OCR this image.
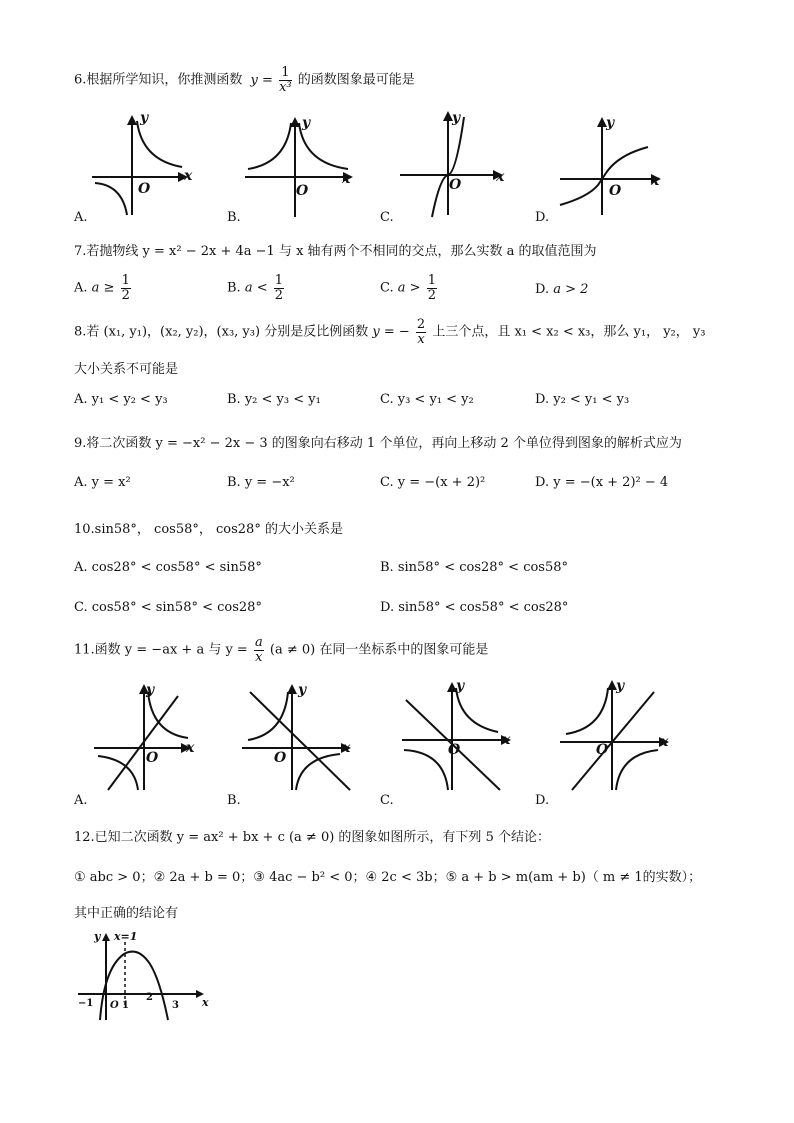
6.根据所学知识，你推测函数 $y = \frac{1}{\text{x³}}$ 的函数图象最可能是
y
x
O
y
x
O
y
x
O
y
x
O
A.	B.	C.	D.
7.若抛物线 y = x² − 2x + 4a −1 与 x 轴有两个不相同的交点，那么实数 a 的取值范围为
A. $a \ge \frac{1}{2}$	B. $a < \frac{1}{2}$	C. $a > \frac{1}{2}$	D. a > 2
8.若 (x₁, y₁)，(x₂, y₂)，(x₃, y₃) 分别是反比例函数 y = − $\frac{2}{x}$ 上三个点，且 x₁ < x₂ < x₃，那么 y₁， y₂， y₃
大小关系不可能是
A. y₁ < y₂ < y₃	B. y₂ < y₃ < y₁	C. y₃ < y₁ < y₂	D. y₂ < y₁ < y₃
9.将二次函数 y = −x² − 2x − 3 的图象向右移动 1 个单位，再向上移动 2 个单位得到图象的解析式应为
A. y = x²	B. y = −x²	C. y = −(x + 2)²	D. y = −(x + 2)² − 4
10.sin58°， cos58°， cos28° 的大小关系是
A. cos28° < cos58° < sin58°	B. sin58° < cos28° < cos58°
C. cos58° < sin58° < cos28°	D. sin58° < cos58° < cos28°
11.函数 y = −ax + a 与 $y = \frac{a}{x} (a \ne 0)$ 在同一坐标系中的图象可能是
y
x
O
y
x
O
y
x
O
y
x
O
A.	B.	C.	D.
12.已知二次函数 y = ax² + bx + c (a ≠ 0) 的图象如图所示，有下列 5 个结论：
① abc > 0；② 2a + b = 0；③ 4ac − b² < 0；④ 2c < 3b；⑤ a + b > m(am + b)（ m ≠ 1的实数）；
其中正确的结论有
y x=1
x
−1 O 1
2
3
